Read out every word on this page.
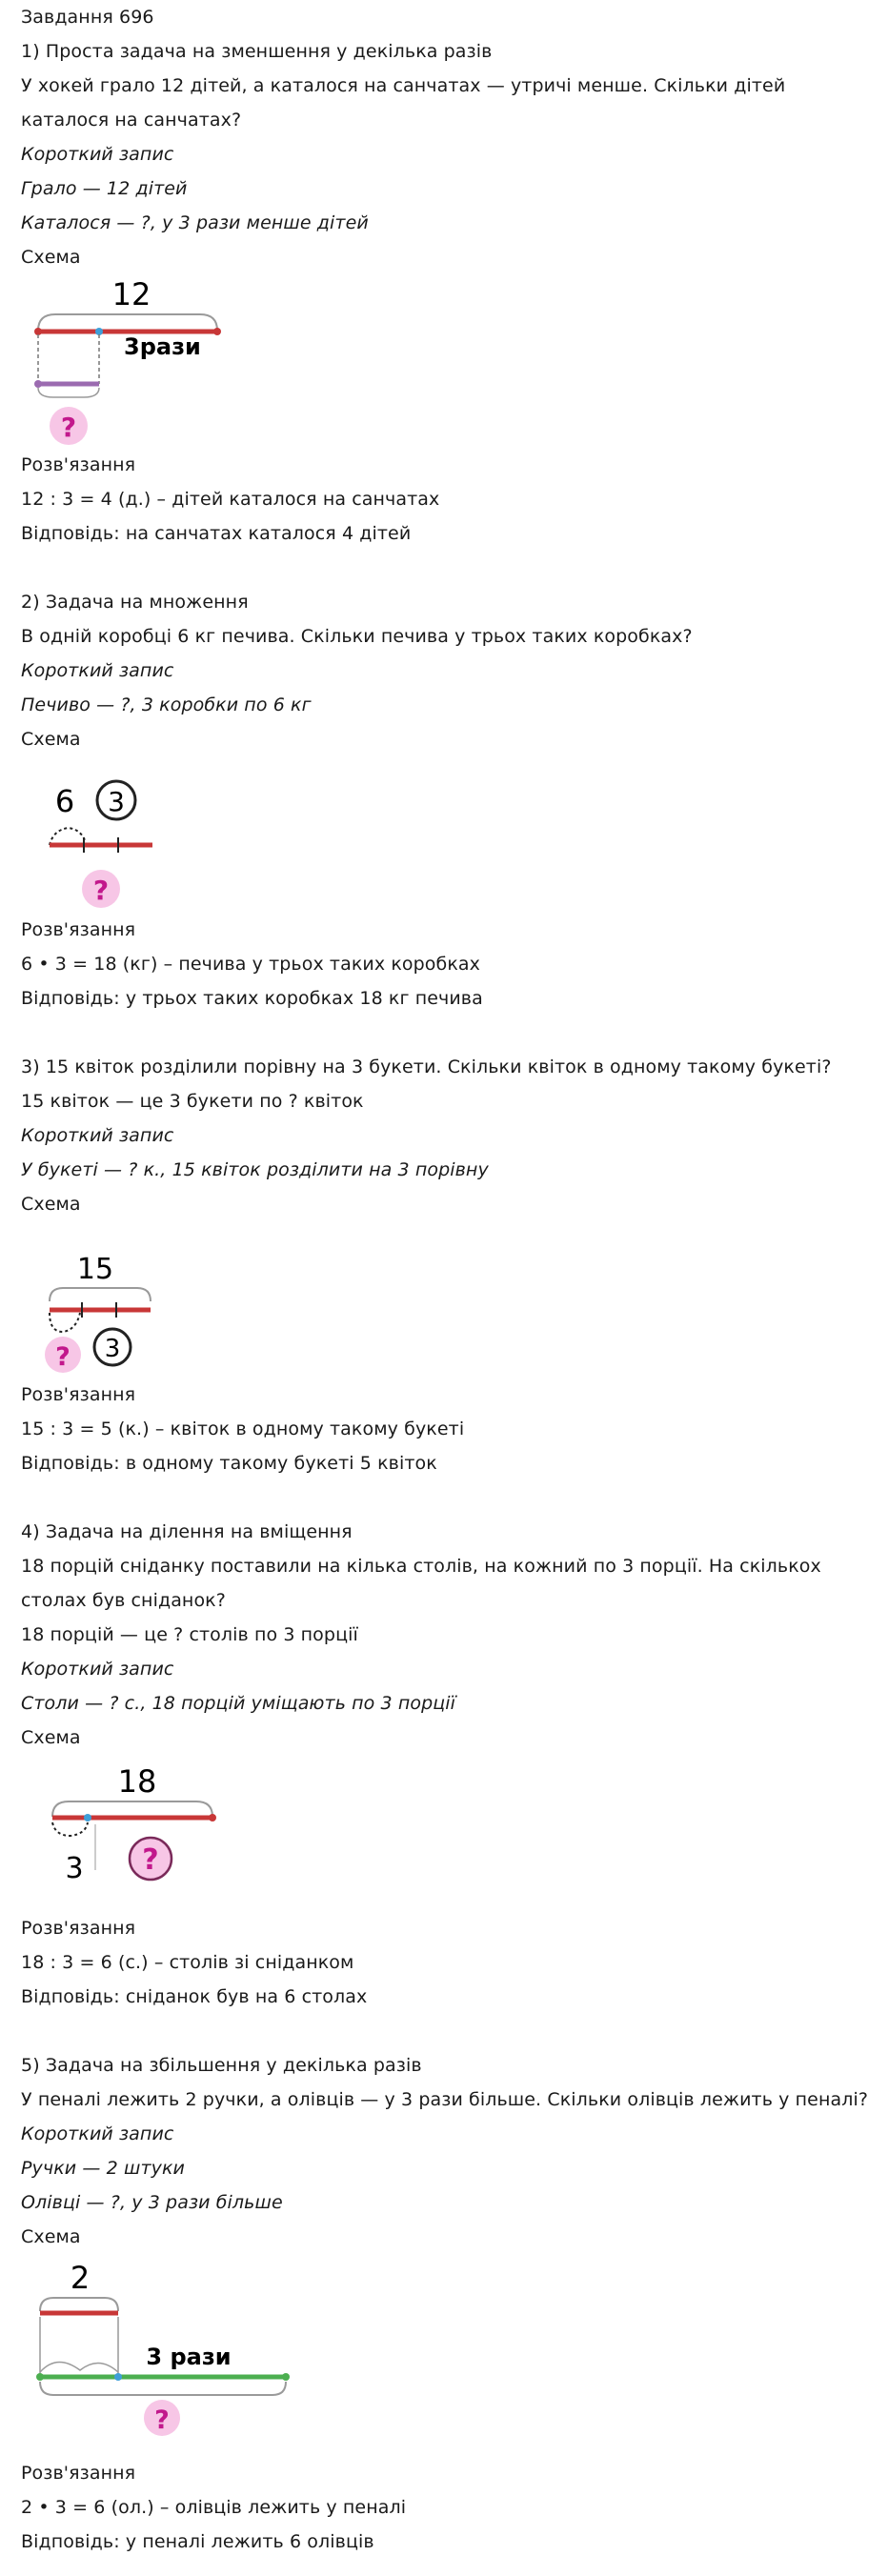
Завдання 696
1) Проста задача на зменшення у декілька разів
У хокей грало 12 дітей, а каталося на санчатах — утричі менше. Скільки дітей каталося на санчатах?
Короткий запис
Грало — 12 дітей
Каталося — ?, у 3 рази менше дітей
Схема
12
3рази
?
Розв'язання
12 : 3 = 4 (д.) – дітей каталося на санчатах
Відповідь: на санчатах каталося 4 дітей
2) Задача на множення
В одній коробці 6 кг печива. Скільки печива у трьох таких коробках?
Короткий запис
Печиво — ?, 3 коробки по 6 кг
Схема
6 3
?
Розв'язання
6 • 3 = 18 (кг) – печива у трьох таких коробках
Відповідь: у трьох таких коробках 18 кг печива
3) 15 квіток розділили порівну на 3 букети. Скільки квіток в одному такому букеті?
15 квіток — це 3 букети по ? квіток
Короткий запис
У букеті — ? к., 15 квіток розділити на 3 порівну
Схема
15
? 3
Розв'язання
15 : 3 = 5 (к.) – квіток в одному такому букеті
Відповідь: в одному такому букеті 5 квіток
4) Задача на ділення на вміщення
18 порцій сніданку поставили на кілька столів, на кожний по 3 порції. На скількох столах був сніданок?
18 порцій — це ? столів по 3 порції
Короткий запис
Столи — ? с., 18 порцій уміщають по 3 порції
Схема
18
3 ?
Розв'язання
18 : 3 = 6 (с.) – столів зі сніданком
Відповідь: сніданок був на 6 столах
5) Задача на збільшення у декілька разів
У пеналі лежить 2 ручки, а олівців — у 3 рази більше. Скільки олівців лежить у пеналі?
Короткий запис
Ручки — 2 штуки
Олівці — ?, у 3 рази більше
Схема
2
3 рази
?
Розв'язання
2 • 3 = 6 (ол.) – олівців лежить у пеналі
Відповідь: у пеналі лежить 6 олівців
